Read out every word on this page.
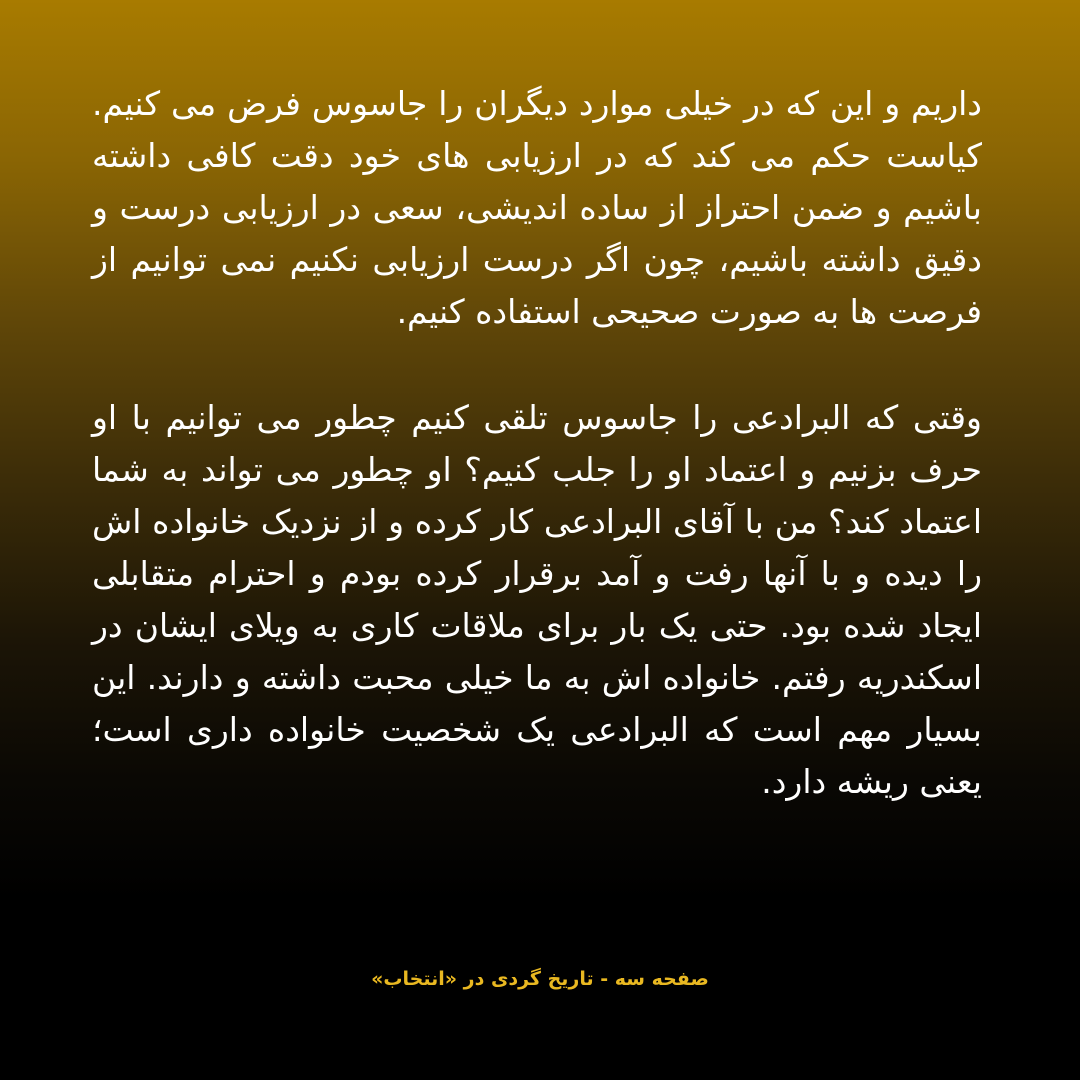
داریم و این که در خیلی موارد دیگران را جاسوس فرض می کنیم. کیاست حکم می کند که در ارزیابی های خود دقت کافی داشته باشیم و ضمن احتراز از ساده اندیشی، سعی در ارزیابی درست و دقیق داشته باشیم، چون اگر درست ارزیابی نکنیم نمی توانیم از فرصت ها به صورت صحیحی استفاده کنیم.

وقتی که البرادعی را جاسوس تلقی کنیم چطور می توانیم با او حرف بزنیم و اعتماد او را جلب کنیم؟ او چطور می تواند به شما اعتماد کند؟ من با آقای البرادعی کار کرده و از نزدیک خانواده اش را دیده و با آنها رفت و آمد برقرار کرده بودم و احترام متقابلی ایجاد شده بود. حتی یک بار برای ملاقات کاری به ویلای ایشان در اسکندریه رفتم. خانواده اش به ما خیلی محبت داشته و دارند. این بسیار مهم است که البرادعی یک شخصیت خانواده داری است؛ یعنی ریشه دارد.

صفحه سه - تاریخ گردی در «انتخاب»
